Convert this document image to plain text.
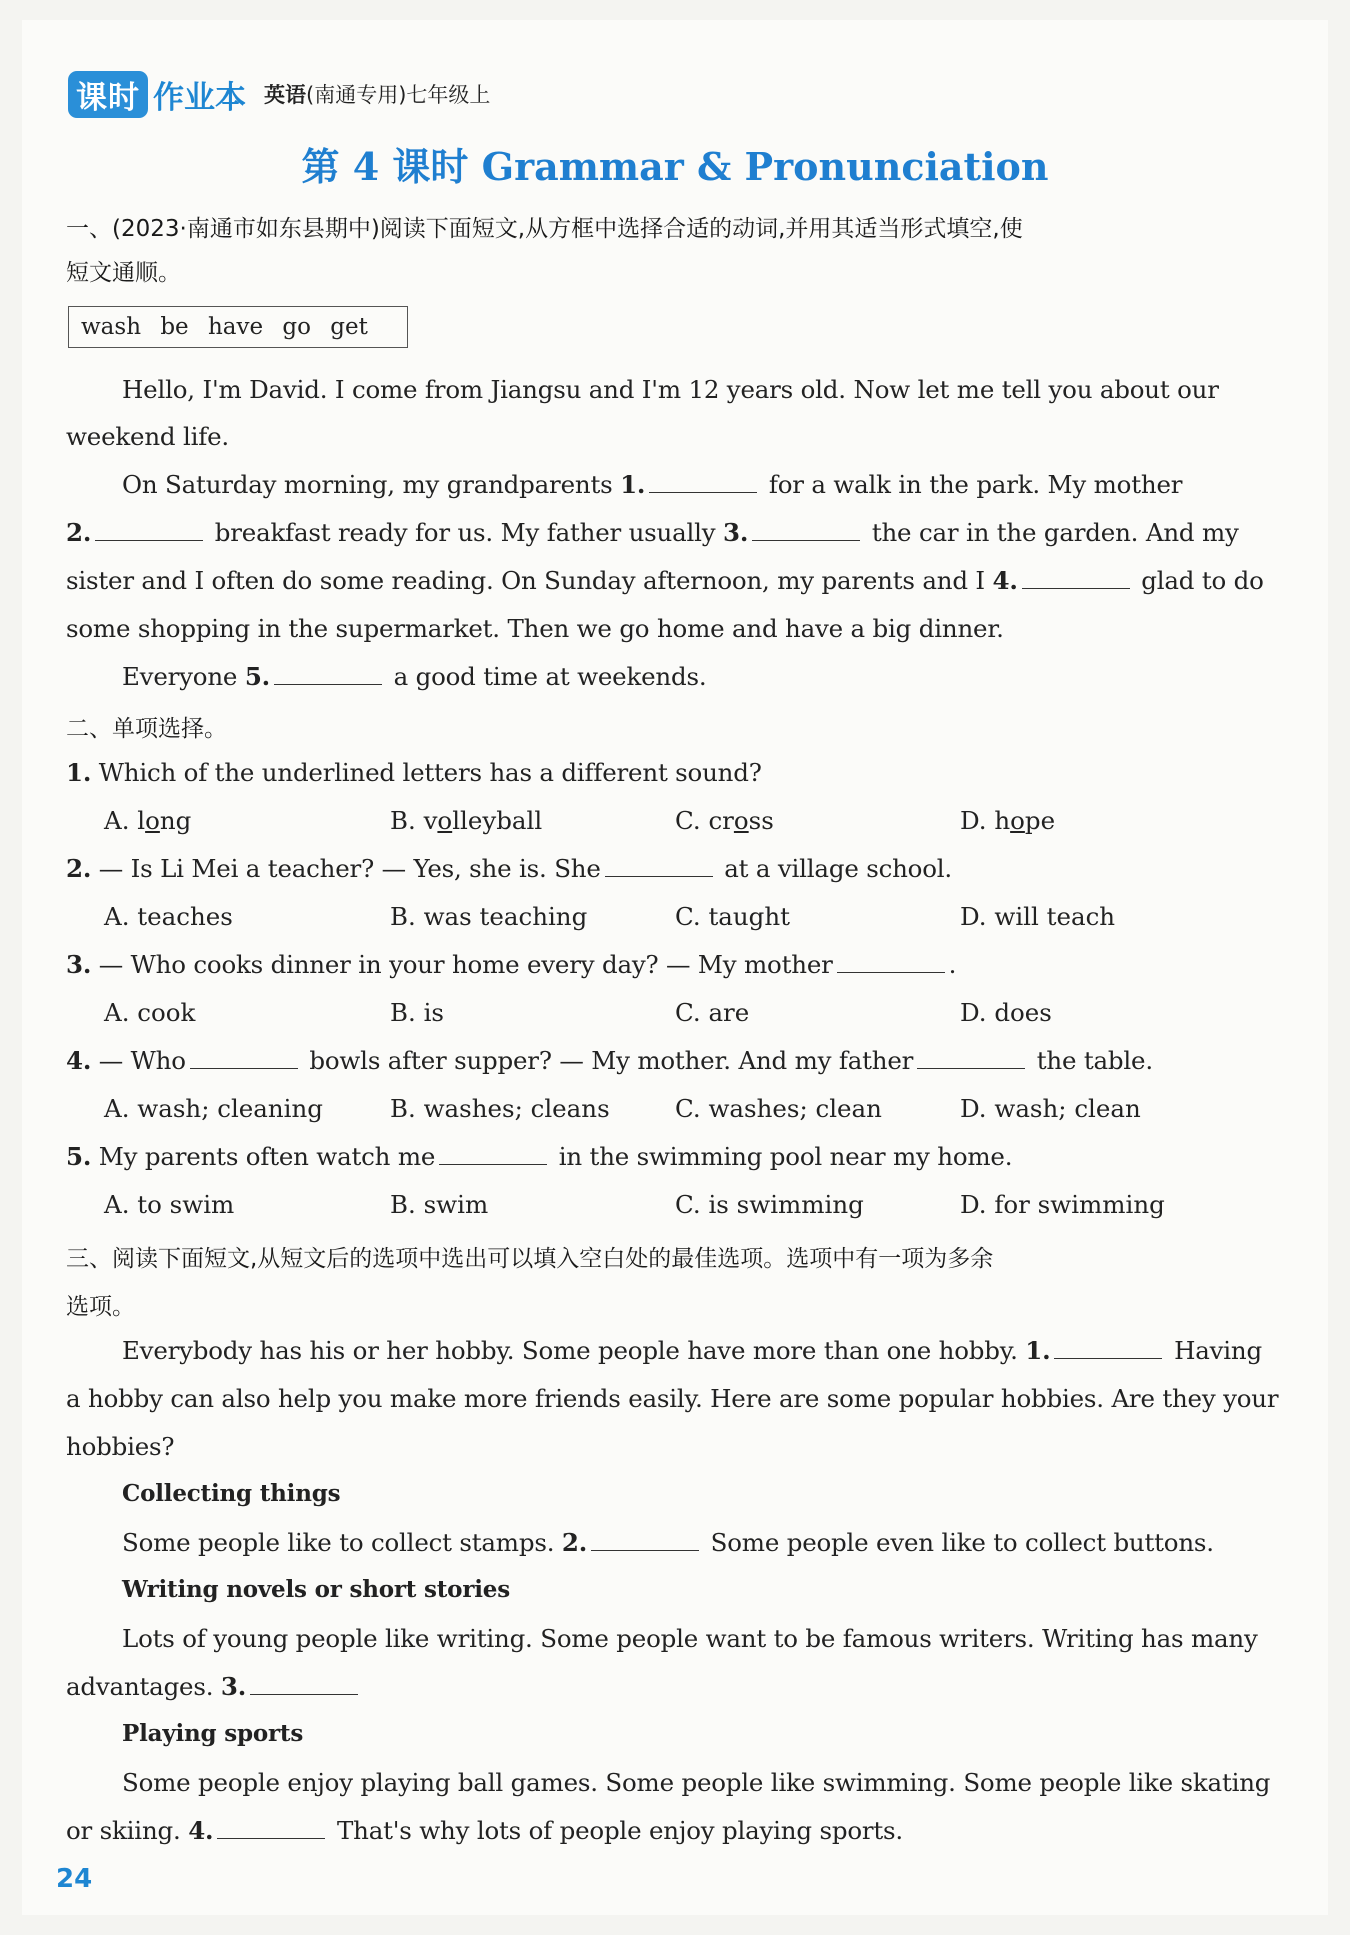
课时 作业本 英语(南通专用)七年级上
第 4 课时 Grammar & Pronunciation
一、(2023·南通市如东县期中)阅读下面短文,从方框中选择合适的动词,并用其适当形式填空,使
短文通顺。
wash be have go get
Hello, I'm David. I come from Jiangsu and I'm 12 years old. Now let me tell you about our
weekend life.
On Saturday morning, my grandparents 1.	for a walk in the park. My mother
2.	breakfast ready for us. My father usually 3.	the car in the garden. And my
sister and I often do some reading. On Sunday afternoon, my parents and I 4.	glad to do
some shopping in the supermarket. Then we go home and have a big dinner.
Everyone 5.	a good time at weekends.
二、单项选择。
1. Which of the underlined letters has a different sound?
A. long	B. volleyball	C. cross	D. hope
2. — Is Li Mei a teacher? — Yes, she is. She	at a village school.
A. teaches	B. was teaching	C. taught	D. will teach
3. — Who cooks dinner in your home every day? — My mother	.
A. cook	B. is	C. are	D. does
4. — Who	bowls after supper? — My mother. And my father	the table.
A. wash; cleaning	B. washes; cleans	C. washes; clean	D. wash; clean
5. My parents often watch me	in the swimming pool near my home.
A. to swim	B. swim	C. is swimming	D. for swimming
三、阅读下面短文,从短文后的选项中选出可以填入空白处的最佳选项。选项中有一项为多余
选项。
Everybody has his or her hobby. Some people have more than one hobby. 1.	Having
a hobby can also help you make more friends easily. Here are some popular hobbies. Are they your
hobbies?
Collecting things
Some people like to collect stamps. 2.	Some people even like to collect buttons.
Writing novels or short stories
Lots of young people like writing. Some people want to be famous writers. Writing has many
advantages. 3.
Playing sports
Some people enjoy playing ball games. Some people like swimming. Some people like skating
or skiing. 4.	That's why lots of people enjoy playing sports.
24
